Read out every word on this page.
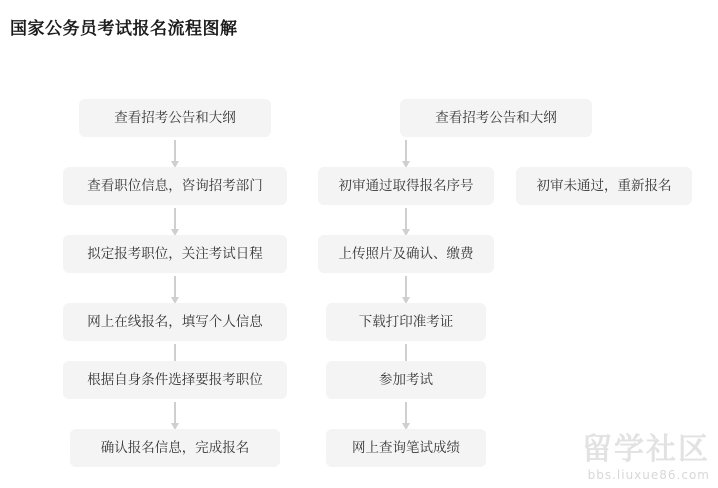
国家公务员考试报名流程图解
查看招考公告和大纲
查看职位信息，咨询招考部门
拟定报考职位，关注考试日程
网上在线报名，填写个人信息
根据自身条件选择要报考职位
确认报名信息，完成报名
查看招考公告和大纲
初审通过取得报名序号
上传照片及确认、缴费
下载打印准考证
参加考试
网上查询笔试成绩
初审未通过，重新报名
留学社区
bbs.liuxue86.com
